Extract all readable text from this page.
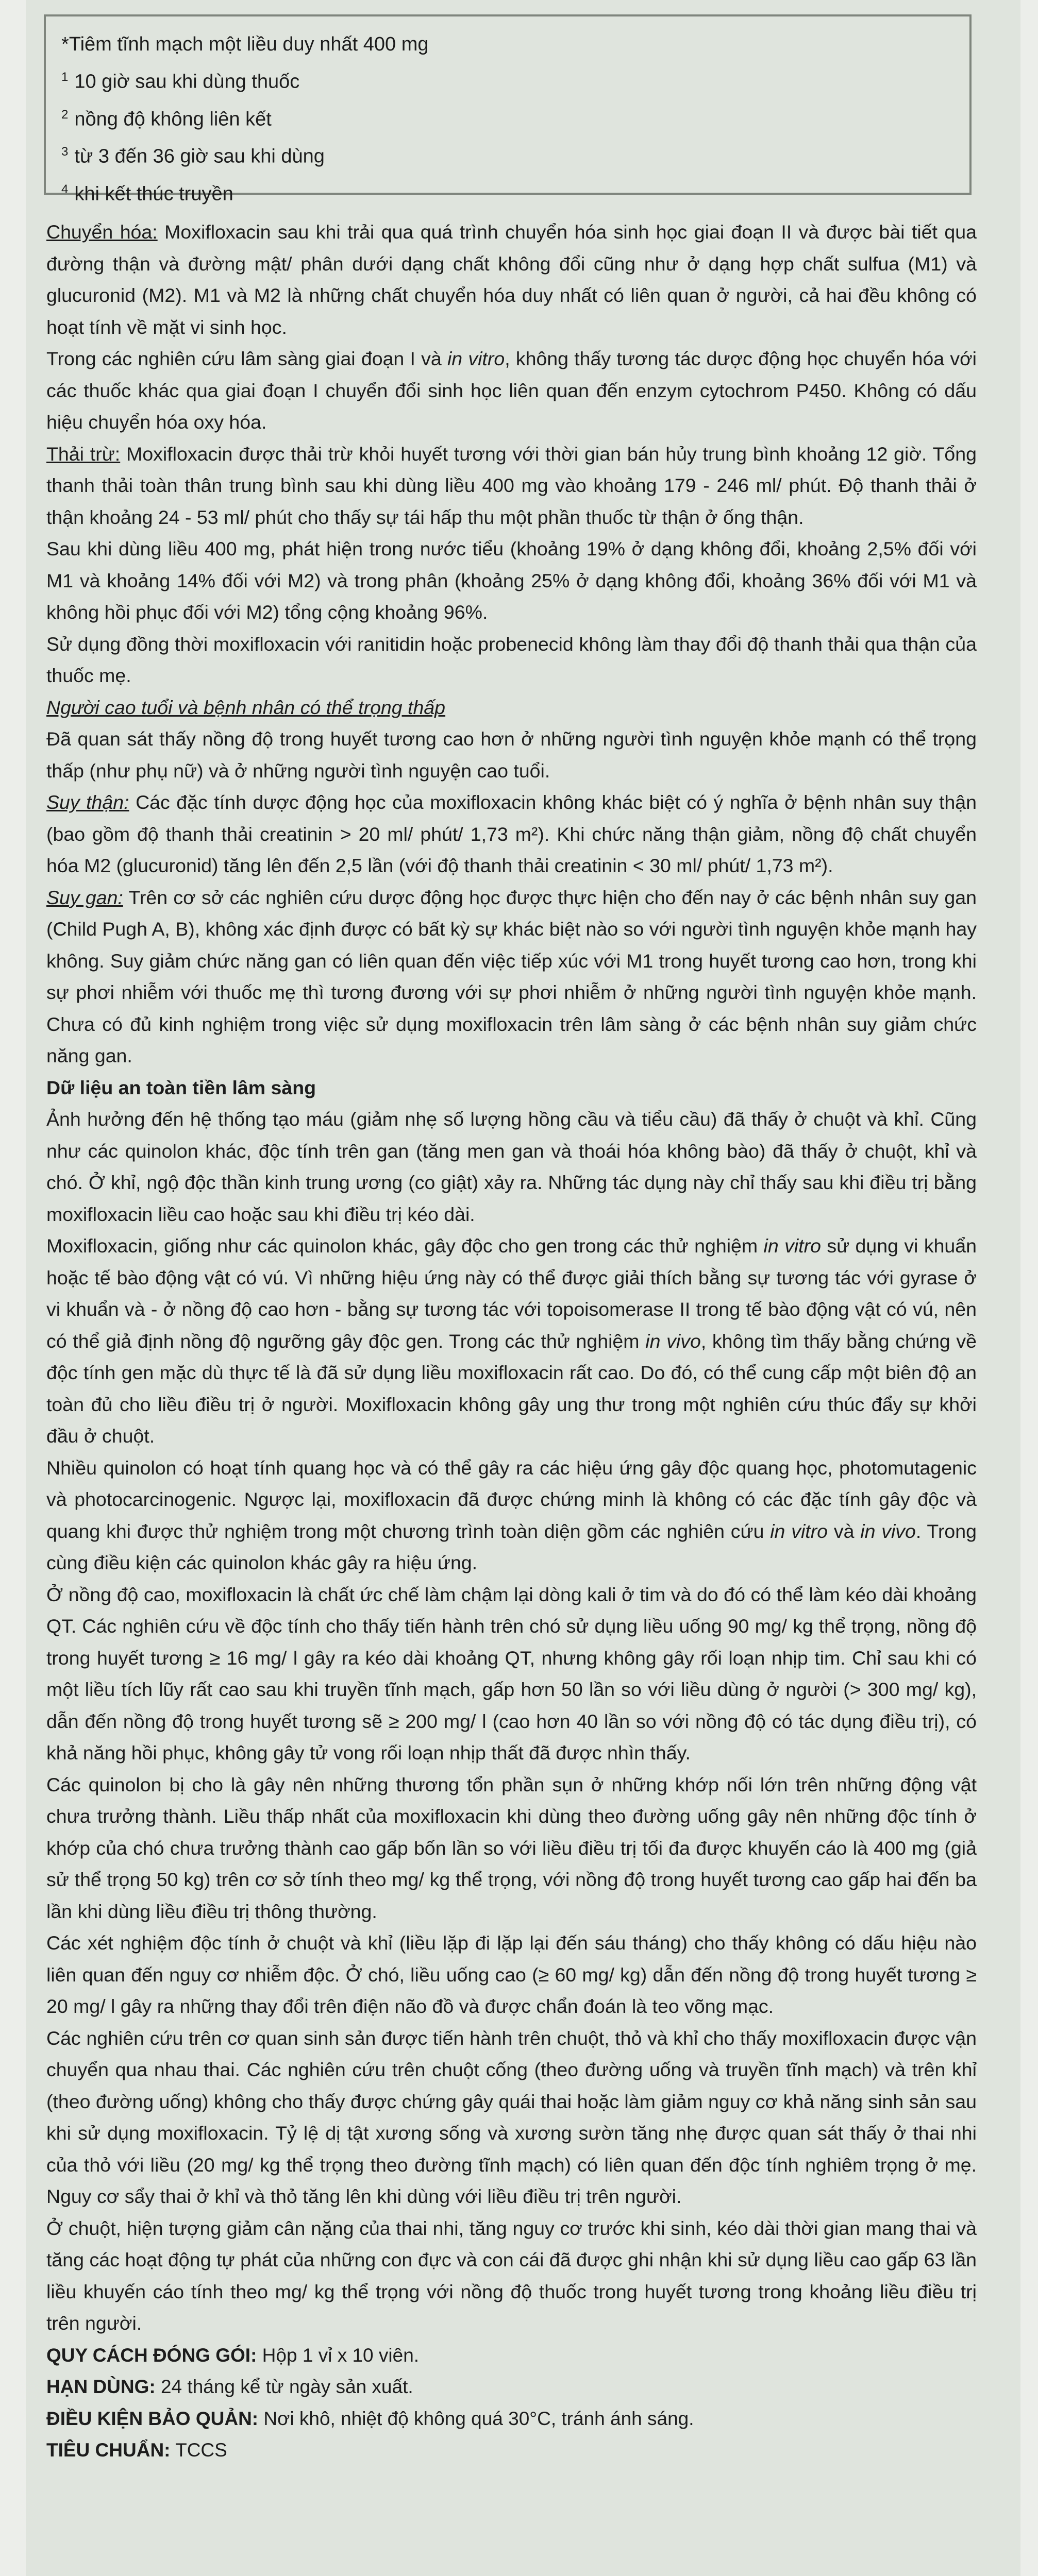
*Tiêm tĩnh mạch một liều duy nhất 400 mg
$^1$ 10 giờ sau khi dùng thuốc
$^2$ nồng độ không liên kết
$^3$ từ 3 đến 36 giờ sau khi dùng
$^4$ khi kết thúc truyền

Chuyển hóa: Moxifloxacin sau khi trải qua quá trình chuyển hóa sinh học giai đoạn II và được bài tiết qua đường thận và đường mật/ phân dưới dạng chất không đổi cũng như ở dạng hợp chất sulfua (M1) và glucuronid (M2). M1 và M2 là những chất chuyển hóa duy nhất có liên quan ở người, cả hai đều không có hoạt tính về mặt vi sinh học.

Trong các nghiên cứu lâm sàng giai đoạn I và in vitro, không thấy tương tác dược động học chuyển hóa với các thuốc khác qua giai đoạn I chuyển đổi sinh học liên quan đến enzym cytochrom P450. Không có dấu hiệu chuyển hóa oxy hóa.

Thải trừ: Moxifloxacin được thải trừ khỏi huyết tương với thời gian bán hủy trung bình khoảng 12 giờ. Tổng thanh thải toàn thân trung bình sau khi dùng liều 400 mg vào khoảng 179 - 246 ml/ phút. Độ thanh thải ở thận khoảng 24 - 53 ml/ phút cho thấy sự tái hấp thu một phần thuốc từ thận ở ống thận.

Sau khi dùng liều 400 mg, phát hiện trong nước tiểu (khoảng 19% ở dạng không đổi, khoảng 2,5% đối với M1 và khoảng 14% đối với M2) và trong phân (khoảng 25% ở dạng không đổi, khoảng 36% đối với M1 và không hồi phục đối với M2) tổng cộng khoảng 96%.

Sử dụng đồng thời moxifloxacin với ranitidin hoặc probenecid không làm thay đổi độ thanh thải qua thận của thuốc mẹ.

Người cao tuổi và bệnh nhân có thể trọng thấp

Đã quan sát thấy nồng độ trong huyết tương cao hơn ở những người tình nguyện khỏe mạnh có thể trọng thấp (như phụ nữ) và ở những người tình nguyện cao tuổi.

Suy thận: Các đặc tính dược động học của moxifloxacin không khác biệt có ý nghĩa ở bệnh nhân suy thận (bao gồm độ thanh thải creatinin > 20 ml/ phút/ 1,73 m²). Khi chức năng thận giảm, nồng độ chất chuyển hóa M2 (glucuronid) tăng lên đến 2,5 lần (với độ thanh thải creatinin < 30 ml/ phút/ 1,73 m²).

Suy gan: Trên cơ sở các nghiên cứu dược động học được thực hiện cho đến nay ở các bệnh nhân suy gan (Child Pugh A, B), không xác định được có bất kỳ sự khác biệt nào so với người tình nguyện khỏe mạnh hay không. Suy giảm chức năng gan có liên quan đến việc tiếp xúc với M1 trong huyết tương cao hơn, trong khi sự phơi nhiễm với thuốc mẹ thì tương đương với sự phơi nhiễm ở những người tình nguyện khỏe mạnh. Chưa có đủ kinh nghiệm trong việc sử dụng moxifloxacin trên lâm sàng ở các bệnh nhân suy giảm chức năng gan.

Dữ liệu an toàn tiền lâm sàng

Ảnh hưởng đến hệ thống tạo máu (giảm nhẹ số lượng hồng cầu và tiểu cầu) đã thấy ở chuột và khỉ. Cũng như các quinolon khác, độc tính trên gan (tăng men gan và thoái hóa không bào) đã thấy ở chuột, khỉ và chó. Ở khỉ, ngộ độc thần kinh trung ương (co giật) xảy ra. Những tác dụng này chỉ thấy sau khi điều trị bằng moxifloxacin liều cao hoặc sau khi điều trị kéo dài.

Moxifloxacin, giống như các quinolon khác, gây độc cho gen trong các thử nghiệm in vitro sử dụng vi khuẩn hoặc tế bào động vật có vú. Vì những hiệu ứng này có thể được giải thích bằng sự tương tác với gyrase ở vi khuẩn và - ở nồng độ cao hơn - bằng sự tương tác với topoisomerase II trong tế bào động vật có vú, nên có thể giả định nồng độ ngưỡng gây độc gen. Trong các thử nghiệm in vivo, không tìm thấy bằng chứng về độc tính gen mặc dù thực tế là đã sử dụng liều moxifloxacin rất cao. Do đó, có thể cung cấp một biên độ an toàn đủ cho liều điều trị ở người. Moxifloxacin không gây ung thư trong một nghiên cứu thúc đẩy sự khởi đầu ở chuột.

Nhiều quinolon có hoạt tính quang học và có thể gây ra các hiệu ứng gây độc quang học, photomutagenic và photocarcinogenic. Ngược lại, moxifloxacin đã được chứng minh là không có các đặc tính gây độc và quang khi được thử nghiệm trong một chương trình toàn diện gồm các nghiên cứu in vitro và in vivo. Trong cùng điều kiện các quinolon khác gây ra hiệu ứng.

Ở nồng độ cao, moxifloxacin là chất ức chế làm chậm lại dòng kali ở tim và do đó có thể làm kéo dài khoảng QT. Các nghiên cứu về độc tính cho thấy tiến hành trên chó sử dụng liều uống 90 mg/ kg thể trọng, nồng độ trong huyết tương ≥ 16 mg/ l gây ra kéo dài khoảng QT, nhưng không gây rối loạn nhịp tim. Chỉ sau khi có một liều tích lũy rất cao sau khi truyền tĩnh mạch, gấp hơn 50 lần so với liều dùng ở người (> 300 mg/ kg), dẫn đến nồng độ trong huyết tương sẽ ≥ 200 mg/ l (cao hơn 40 lần so với nồng độ có tác dụng điều trị), có khả năng hồi phục, không gây tử vong rối loạn nhịp thất đã được nhìn thấy.

Các quinolon bị cho là gây nên những thương tổn phần sụn ở những khớp nối lớn trên những động vật chưa trưởng thành. Liều thấp nhất của moxifloxacin khi dùng theo đường uống gây nên những độc tính ở khớp của chó chưa trưởng thành cao gấp bốn lần so với liều điều trị tối đa được khuyến cáo là 400 mg (giả sử thể trọng 50 kg) trên cơ sở tính theo mg/ kg thể trọng, với nồng độ trong huyết tương cao gấp hai đến ba lần khi dùng liều điều trị thông thường.

Các xét nghiệm độc tính ở chuột và khỉ (liều lặp đi lặp lại đến sáu tháng) cho thấy không có dấu hiệu nào liên quan đến nguy cơ nhiễm độc. Ở chó, liều uống cao (≥ 60 mg/ kg) dẫn đến nồng độ trong huyết tương ≥ 20 mg/ l gây ra những thay đổi trên điện não đồ và được chẩn đoán là teo võng mạc.

Các nghiên cứu trên cơ quan sinh sản được tiến hành trên chuột, thỏ và khỉ cho thấy moxifloxacin được vận chuyển qua nhau thai. Các nghiên cứu trên chuột cống (theo đường uống và truyền tĩnh mạch) và trên khỉ (theo đường uống) không cho thấy được chứng gây quái thai hoặc làm giảm nguy cơ khả năng sinh sản sau khi sử dụng moxifloxacin. Tỷ lệ dị tật xương sống và xương sườn tăng nhẹ được quan sát thấy ở thai nhi của thỏ với liều (20 mg/ kg thể trọng theo đường tĩnh mạch) có liên quan đến độc tính nghiêm trọng ở mẹ. Nguy cơ sẩy thai ở khỉ và thỏ tăng lên khi dùng với liều điều trị trên người.

Ở chuột, hiện tượng giảm cân nặng của thai nhi, tăng nguy cơ trước khi sinh, kéo dài thời gian mang thai và tăng các hoạt động tự phát của những con đực và con cái đã được ghi nhận khi sử dụng liều cao gấp 63 lần liều khuyến cáo tính theo mg/ kg thể trọng với nồng độ thuốc trong huyết tương trong khoảng liều điều trị trên người.

QUY CÁCH ĐÓNG GÓI: Hộp 1 vỉ x 10 viên.

HẠN DÙNG: 24 tháng kể từ ngày sản xuất.

ĐIỀU KIỆN BẢO QUẢN: Nơi khô, nhiệt độ không quá 30°C, tránh ánh sáng.

TIÊU CHUẨN: TCCS
